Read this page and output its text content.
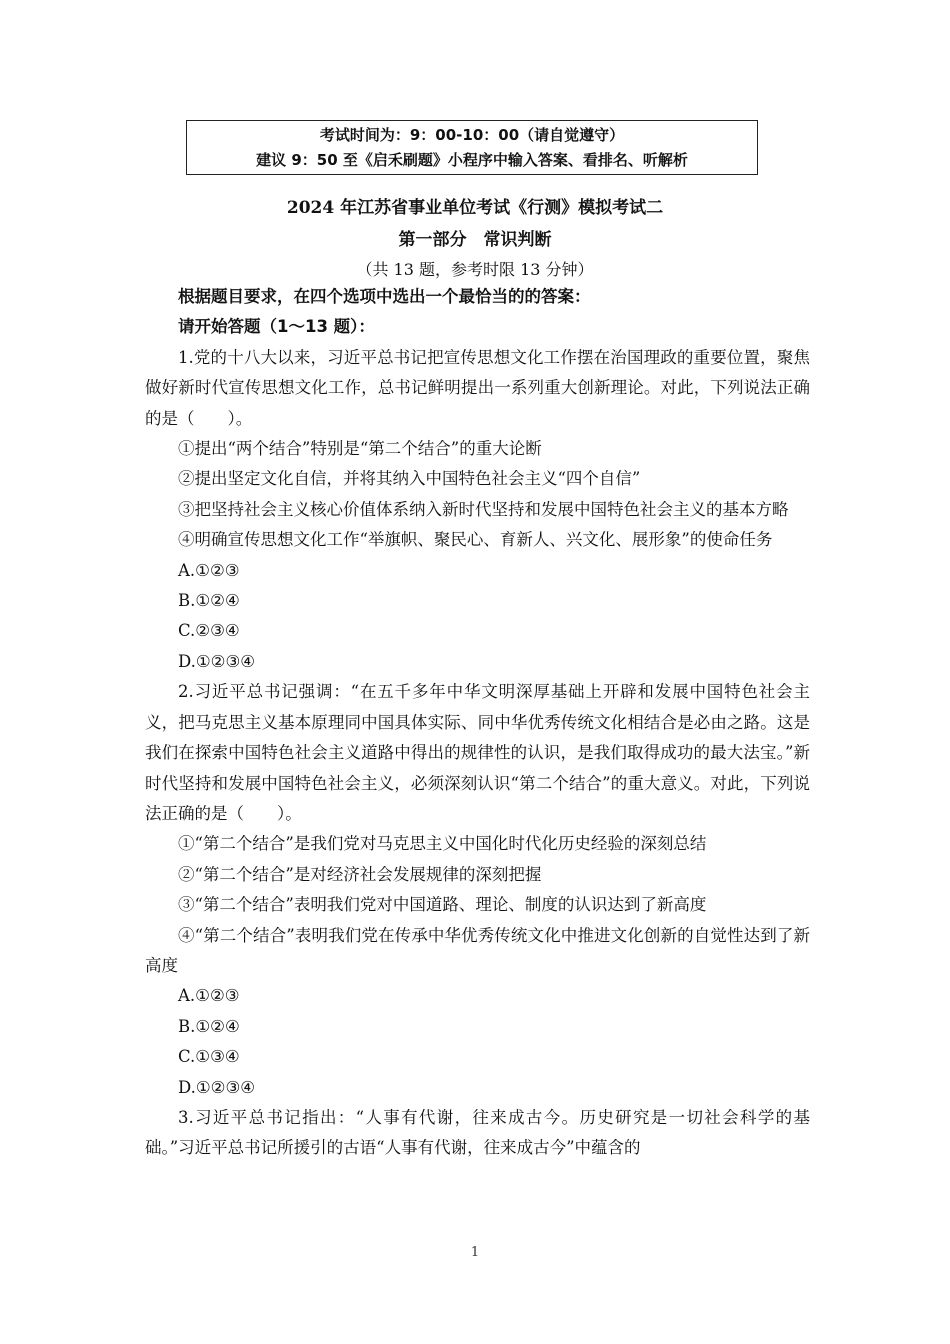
考试时间为：9：00-10：00（请自觉遵守）
建议 9：50 至《启禾刷题》小程序中输入答案、看排名、听解析
2024 年江苏省事业单位考试《行测》模拟考试二
第一部分　常识判断
（共 13 题，参考时限 13 分钟）

根据题目要求，在四个选项中选出一个最恰当的的答案：

请开始答题（1～13 题）：

1.党的十八大以来，习近平总书记把宣传思想文化工作摆在治国理政的重要位置，聚焦做好新时代宣传思想文化工作，总书记鲜明提出一系列重大创新理论。对此，下列说法正确的是（　　）。

①提出“两个结合”特别是“第二个结合”的重大论断

②提出坚定文化自信，并将其纳入中国特色社会主义“四个自信”

③把坚持社会主义核心价值体系纳入新时代坚持和发展中国特色社会主义的基本方略

④明确宣传思想文化工作“举旗帜、聚民心、育新人、兴文化、展形象”的使命任务

A.①②③

B.①②④

C.②③④

D.①②③④

2.习近平总书记强调：“在五千多年中华文明深厚基础上开辟和发展中国特色社会主义，把马克思主义基本原理同中国具体实际、同中华优秀传统文化相结合是必由之路。这是我们在探索中国特色社会主义道路中得出的规律性的认识，是我们取得成功的最大法宝。”新时代坚持和发展中国特色社会主义，必须深刻认识“第二个结合”的重大意义。对此，下列说法正确的是（　　）。

①“第二个结合”是我们党对马克思主义中国化时代化历史经验的深刻总结

②“第二个结合”是对经济社会发展规律的深刻把握

③“第二个结合”表明我们党对中国道路、理论、制度的认识达到了新高度

④“第二个结合”表明我们党在传承中华优秀传统文化中推进文化创新的自觉性达到了新高度

A.①②③

B.①②④

C.①③④

D.①②③④

3.习近平总书记指出：“人事有代谢，往来成古今。历史研究是一切社会科学的基础。”习近平总书记所援引的古语“人事有代谢，往来成古今”中蕴含的

1
